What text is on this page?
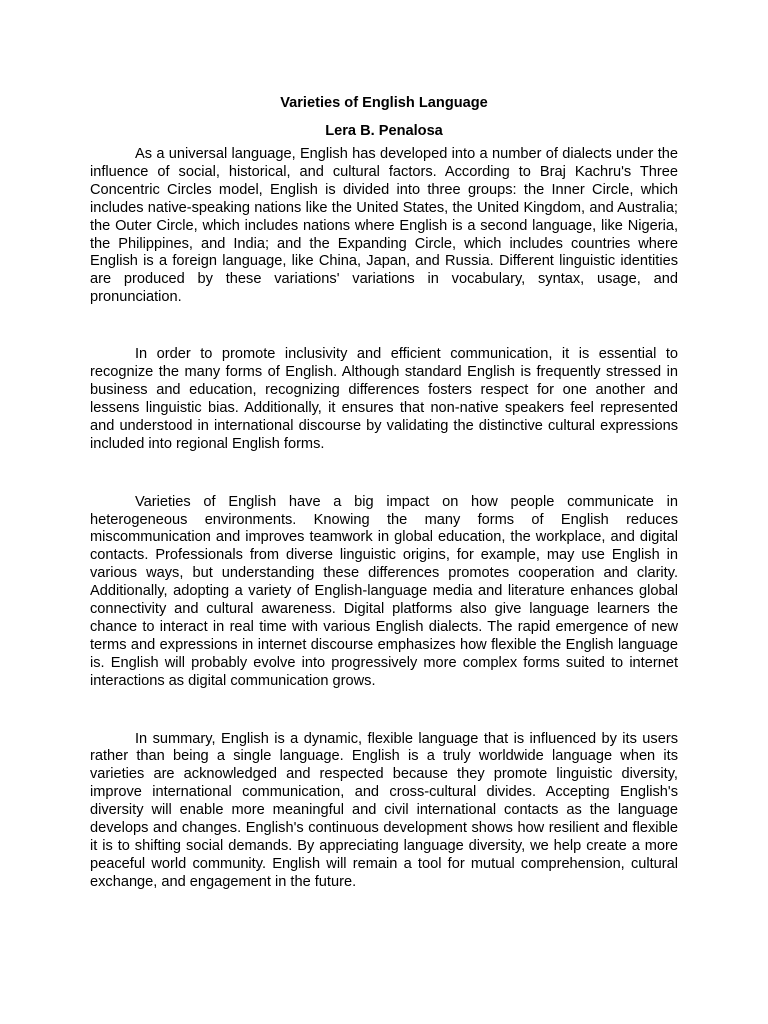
Varieties of English Language

Lera B. Penalosa

As a universal language, English has developed into a number of dialects under the influence of social, historical, and cultural factors. According to Braj Kachru's Three Concentric Circles model, English is divided into three groups: the Inner Circle, which includes native-speaking nations like the United States, the United Kingdom, and Australia; the Outer Circle, which includes nations where English is a second language, like Nigeria, the Philippines, and India; and the Expanding Circle, which includes countries where English is a foreign language, like China, Japan, and Russia. Different linguistic identities are produced by these variations' variations in vocabulary, syntax, usage, and pronunciation.

In order to promote inclusivity and efficient communication, it is essential to recognize the many forms of English. Although standard English is frequently stressed in business and education, recognizing differences fosters respect for one another and lessens linguistic bias. Additionally, it ensures that non-native speakers feel represented and understood in international discourse by validating the distinctive cultural expressions included into regional English forms.

Varieties of English have a big impact on how people communicate in heterogeneous environments. Knowing the many forms of English reduces miscommunication and improves teamwork in global education, the workplace, and digital contacts. Professionals from diverse linguistic origins, for example, may use English in various ways, but understanding these differences promotes cooperation and clarity. Additionally, adopting a variety of English-language media and literature enhances global connectivity and cultural awareness. Digital platforms also give language learners the chance to interact in real time with various English dialects. The rapid emergence of new terms and expressions in internet discourse emphasizes how flexible the English language is. English will probably evolve into progressively more complex forms suited to internet interactions as digital communication grows.

In summary, English is a dynamic, flexible language that is influenced by its users rather than being a single language. English is a truly worldwide language when its varieties are acknowledged and respected because they promote linguistic diversity, improve international communication, and cross-cultural divides. Accepting English's diversity will enable more meaningful and civil international contacts as the language develops and changes. English's continuous development shows how resilient and flexible it is to shifting social demands. By appreciating language diversity, we help create a more peaceful world community. English will remain a tool for mutual comprehension, cultural exchange, and engagement in the future.
